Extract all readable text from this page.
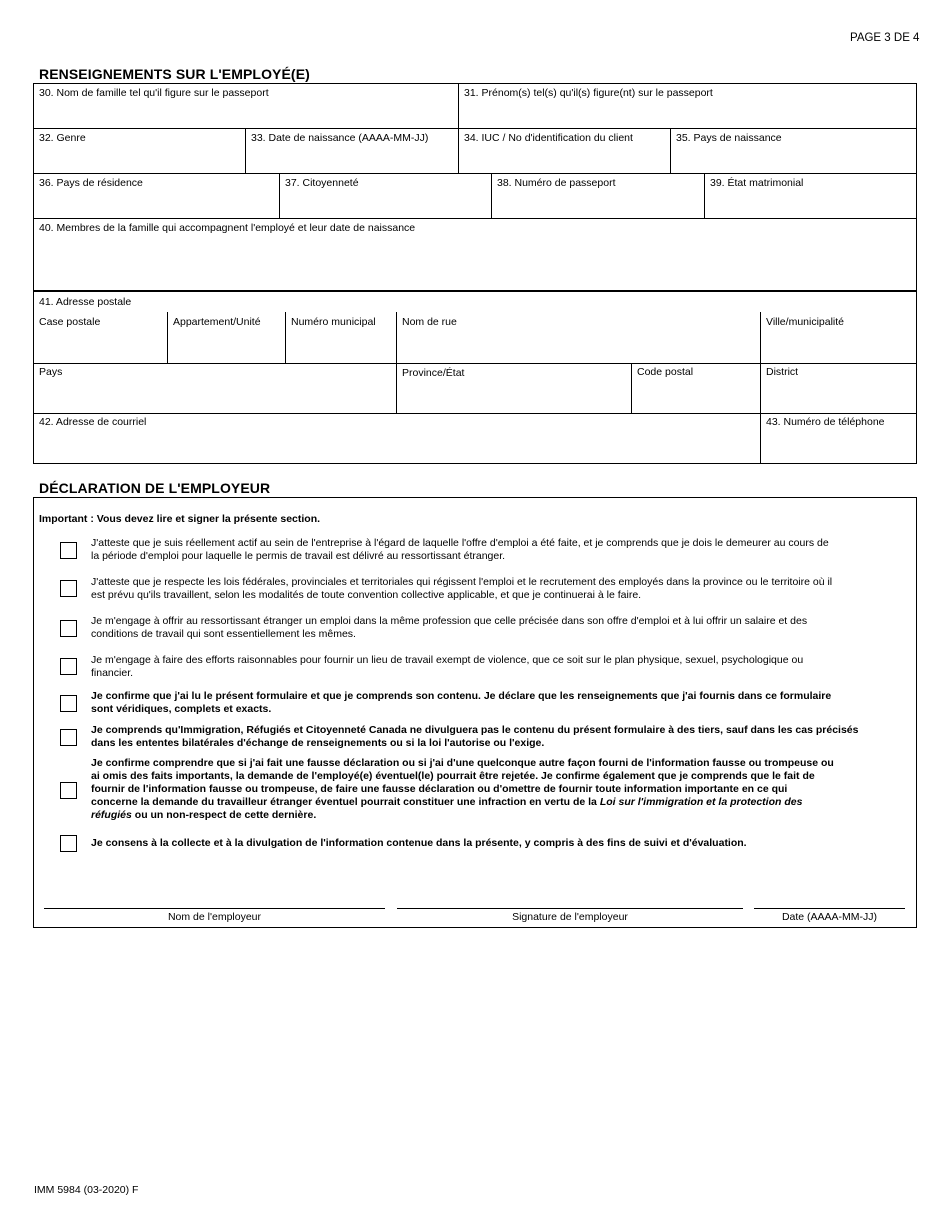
PAGE 3 DE 4
RENSEIGNEMENTS SUR L'EMPLOYÉ(E)
30. Nom de famille tel qu'il figure sur le passeport	31. Prénom(s) tel(s) qu'il(s) figure(nt) sur le passeport
32. Genre	33. Date de naissance (AAAA-MM-JJ)	34. IUC / No d'identification du client	35. Pays de naissance
36. Pays de résidence	37. Citoyenneté	38. Numéro de passeport	39. État matrimonial
40. Membres de la famille qui accompagnent l'employé et leur date de naissance
41. Adresse postale
Case postale	Appartement/Unité	Numéro municipal	Nom de rue	Ville/municipalité
Pays	Province/État	Code postal	District
42. Adresse de courriel	43. Numéro de téléphone
DÉCLARATION DE L'EMPLOYEUR
Important : Vous devez lire et signer la présente section.
J'atteste que je suis réellement actif au sein de l'entreprise à l'égard de laquelle l'offre d'emploi a été faite, et je comprends que je dois le demeurer au cours de
la période d'emploi pour laquelle le permis de travail est délivré au ressortissant étranger.
J'atteste que je respecte les lois fédérales, provinciales et territoriales qui régissent l'emploi et le recrutement des employés dans la province ou le territoire où il
est prévu qu'ils travaillent, selon les modalités de toute convention collective applicable, et que je continuerai à le faire.
Je m'engage à offrir au ressortissant étranger un emploi dans la même profession que celle précisée dans son offre d'emploi et à lui offrir un salaire et des
conditions de travail qui sont essentiellement les mêmes.
Je m'engage à faire des efforts raisonnables pour fournir un lieu de travail exempt de violence, que ce soit sur le plan physique, sexuel, psychologique ou
financier.
Je confirme que j'ai lu le présent formulaire et que je comprends son contenu. Je déclare que les renseignements que j'ai fournis dans ce formulaire
sont véridiques, complets et exacts.
Je comprends qu'Immigration, Réfugiés et Citoyenneté Canada ne divulguera pas le contenu du présent formulaire à des tiers, sauf dans les cas précisés
dans les ententes bilatérales d'échange de renseignements ou si la loi l'autorise ou l'exige.
Je confirme comprendre que si j'ai fait une fausse déclaration ou si j'ai d'une quelconque autre façon fourni de l'information fausse ou trompeuse ou
ai omis des faits importants, la demande de l'employé(e) éventuel(le) pourrait être rejetée. Je confirme également que je comprends que le fait de
fournir de l'information fausse ou trompeuse, de faire une fausse déclaration ou d'omettre de fournir toute information importante en ce qui
concerne la demande du travailleur étranger éventuel pourrait constituer une infraction en vertu de la Loi sur l'immigration et la protection des
réfugiés ou un non-respect de cette dernière.
Je consens à la collecte et à la divulgation de l'information contenue dans la présente, y compris à des fins de suivi et d'évaluation.
Nom de l'employeur	Signature de l'employeur	Date (AAAA-MM-JJ)
IMM 5984 (03-2020) F
